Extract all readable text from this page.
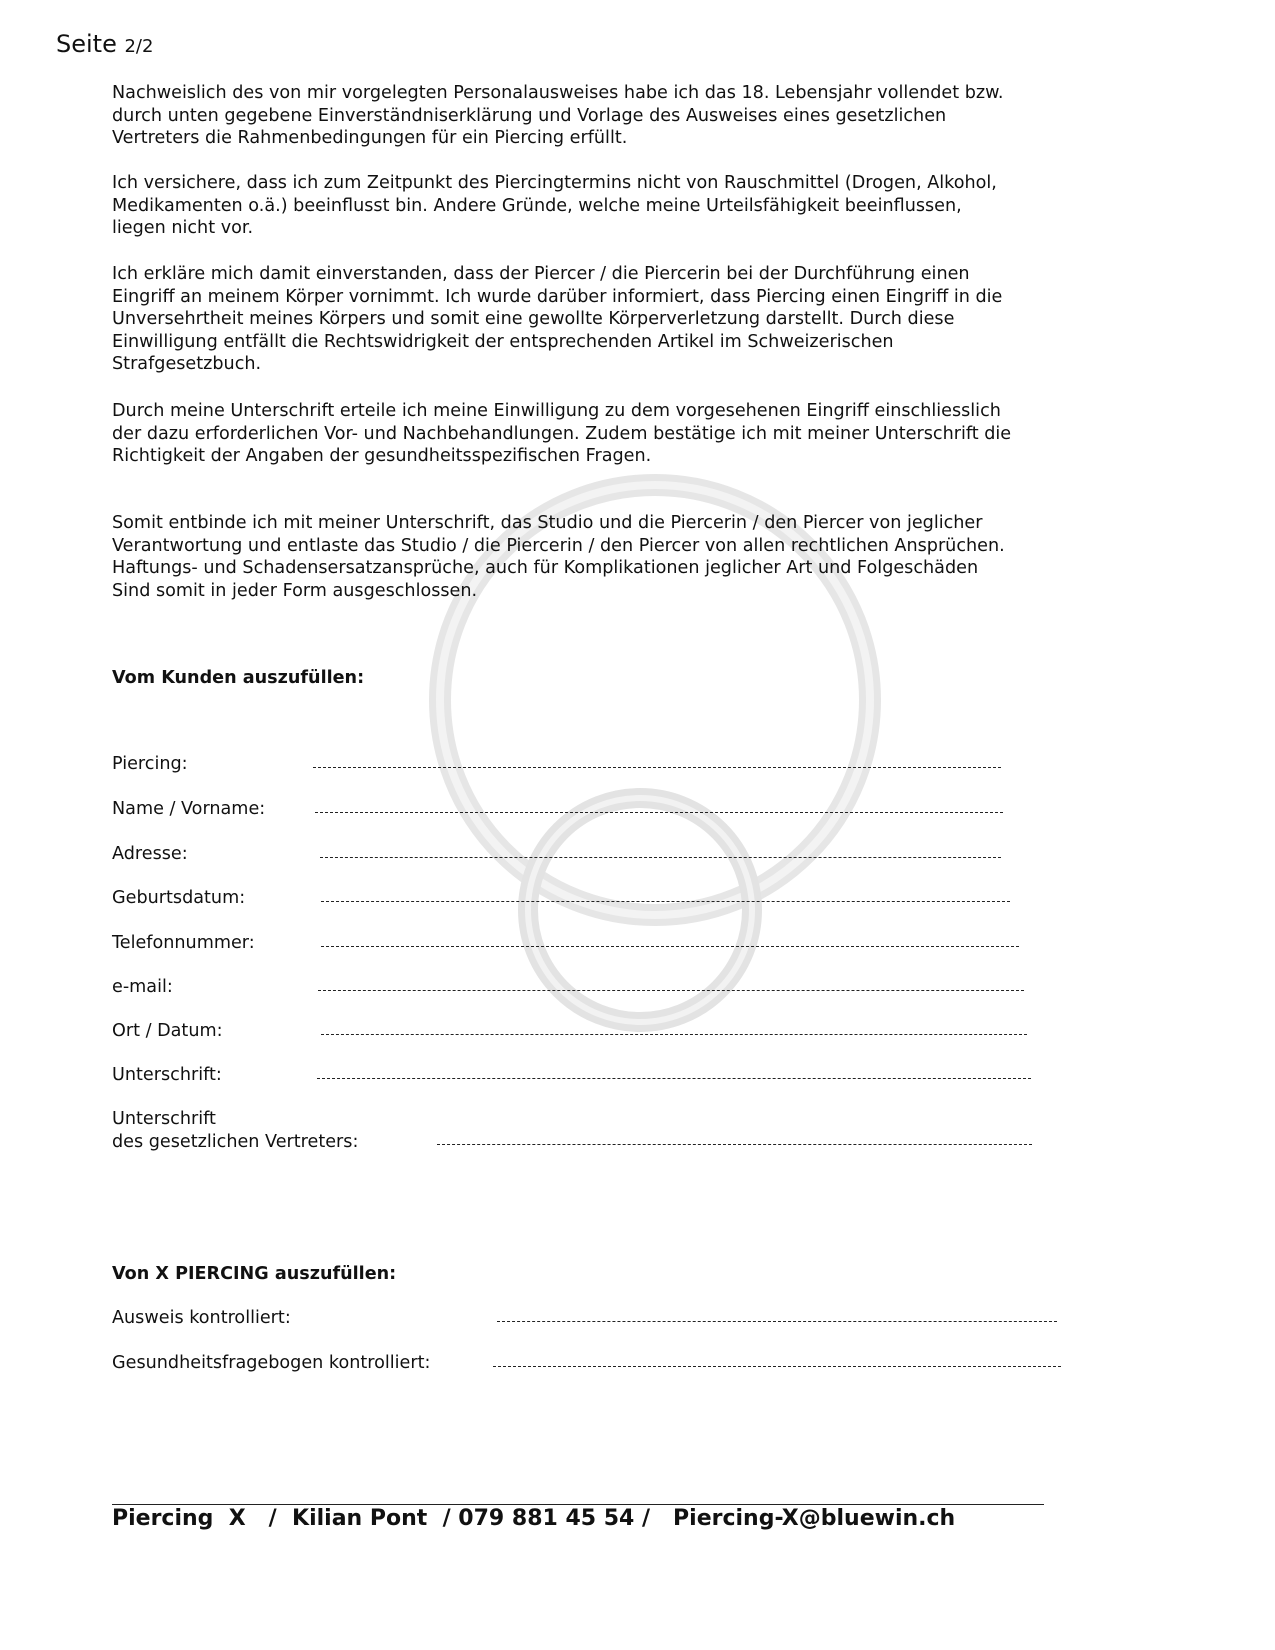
Seite 2/2

Nachweislich des von mir vorgelegten Personalausweises habe ich das 18. Lebensjahr vollendet bzw.
durch unten gegebene Einverständniserklärung und Vorlage des Ausweises eines gesetzlichen
Vertreters die Rahmenbedingungen für ein Piercing erfüllt.

Ich versichere, dass ich zum Zeitpunkt des Piercingtermins nicht von Rauschmittel (Drogen, Alkohol,
Medikamenten o.ä.) beeinflusst bin. Andere Gründe, welche meine Urteilsfähigkeit beeinflussen,
liegen nicht vor.

Ich erkläre mich damit einverstanden, dass der Piercer / die Piercerin bei der Durchführung einen
Eingriff an meinem Körper vornimmt. Ich wurde darüber informiert, dass Piercing einen Eingriff in die
Unversehrtheit meines Körpers und somit eine gewollte Körperverletzung darstellt. Durch diese
Einwilligung entfällt die Rechtswidrigkeit der entsprechenden Artikel im Schweizerischen
Strafgesetzbuch.

Durch meine Unterschrift erteile ich meine Einwilligung zu dem vorgesehenen Eingriff einschliesslich
der dazu erforderlichen Vor- und Nachbehandlungen. Zudem bestätige ich mit meiner Unterschrift die
Richtigkeit der Angaben der gesundheitsspezifischen Fragen.

Somit entbinde ich mit meiner Unterschrift, das Studio und die Piercerin / den Piercer von jeglicher
Verantwortung und entlaste das Studio / die Piercerin / den Piercer von allen rechtlichen Ansprüchen.
Haftungs- und Schadensersatzansprüche, auch für Komplikationen jeglicher Art und Folgeschäden
Sind somit in jeder Form ausgeschlossen.

Vom Kunden auszufüllen:

Piercing:
Name / Vorname:
Adresse:
Geburtsdatum:
Telefonnummer:
e-mail:
Ort / Datum:
Unterschrift:
Unterschrift
des gesetzlichen Vertreters:

Von X PIERCING auszufüllen:

Ausweis kontrolliert:
Gesundheitsfragebogen kontrolliert:
Piercing  X   /  Kilian Pont  / 079 881 45 54 /   Piercing-X@bluewin.ch
